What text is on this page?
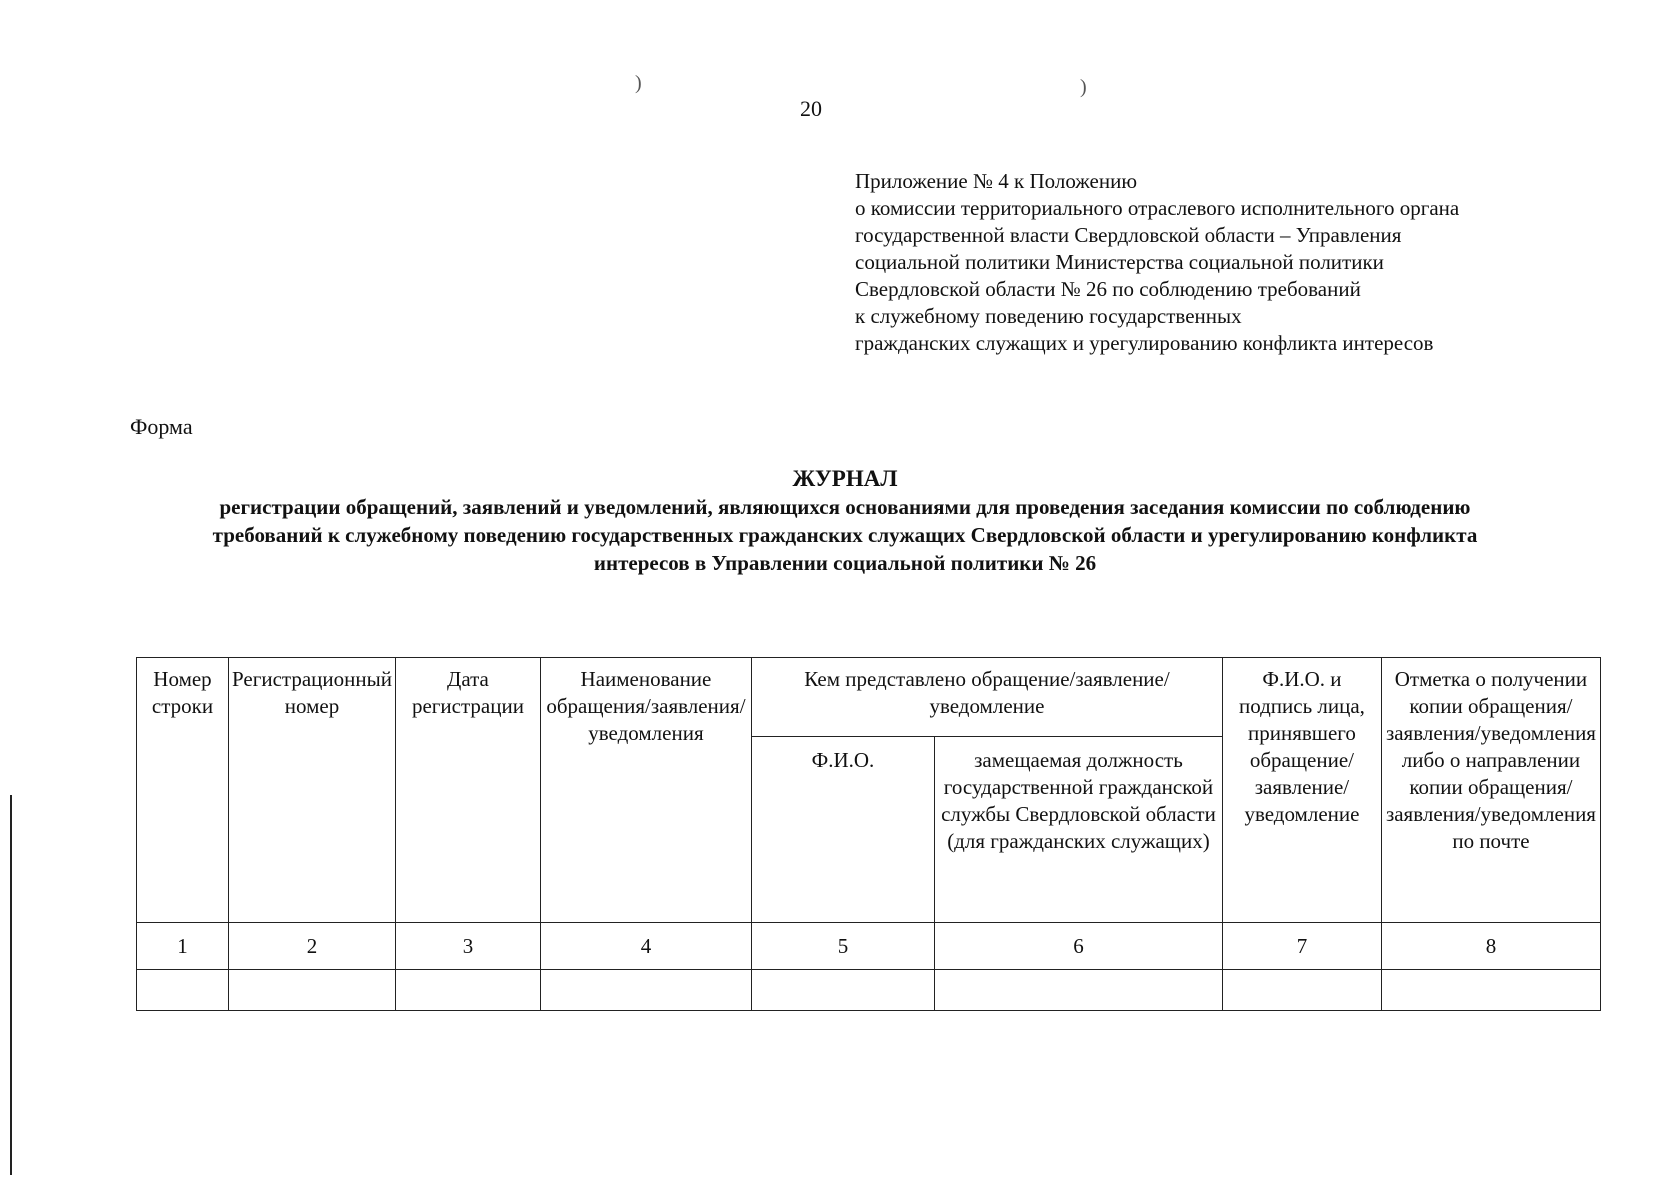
)	)
20
Приложение № 4 к Положению
о комиссии территориального отраслевого исполнительного органа
государственной власти Свердловской области – Управления
социальной политики Министерства социальной политики
Свердловской области № 26 по соблюдению требований
к служебному поведению государственных
гражданских служащих и урегулированию конфликта интересов
Форма
ЖУРНАЛ
регистрации обращений, заявлений и уведомлений, являющихся основаниями для проведения заседания комиссии по соблюдению
требований к служебному поведению государственных гражданских служащих Свердловской области и урегулированию конфликта
интересов в Управлении социальной политики № 26
Номер строки	Регистрационный номер	Дата регистрации	Наименование обращения/заявления/уведомления	Кем представлено обращение/заявление/уведомление		Ф.И.О. и подпись лица, принявшего обращение/заявление/уведомление	Отметка о получении копии обращения/заявления/уведомления либо о направлении копии обращения/заявления/уведомления по почте
				Ф.И.О.	замещаемая должность государственной гражданской службы Свердловской области (для гражданских служащих)		
1	2	3	4	5	6	7	8
